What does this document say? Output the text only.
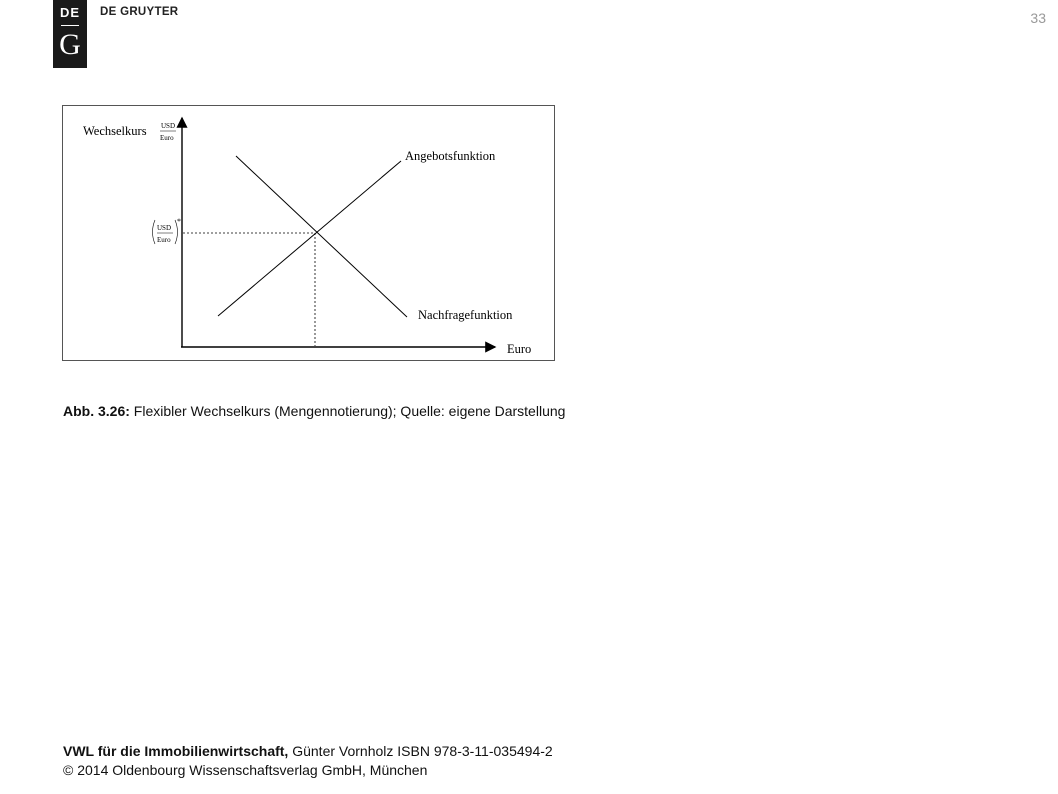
DE
G
DE GRUYTER	33
Wechselkurs USD
Euro
USD
Euro
*
Angebotsfunktion
Nachfragefunktion
Euro
Abb. 3.26: Flexibler Wechselkurs (Mengennotierung); Quelle: eigene Darstellung
VWL für die Immobilienwirtschaft, Günter Vornholz ISBN 978-3-11-035494-2
© 2014 Oldenbourg Wissenschaftsverlag GmbH, München
